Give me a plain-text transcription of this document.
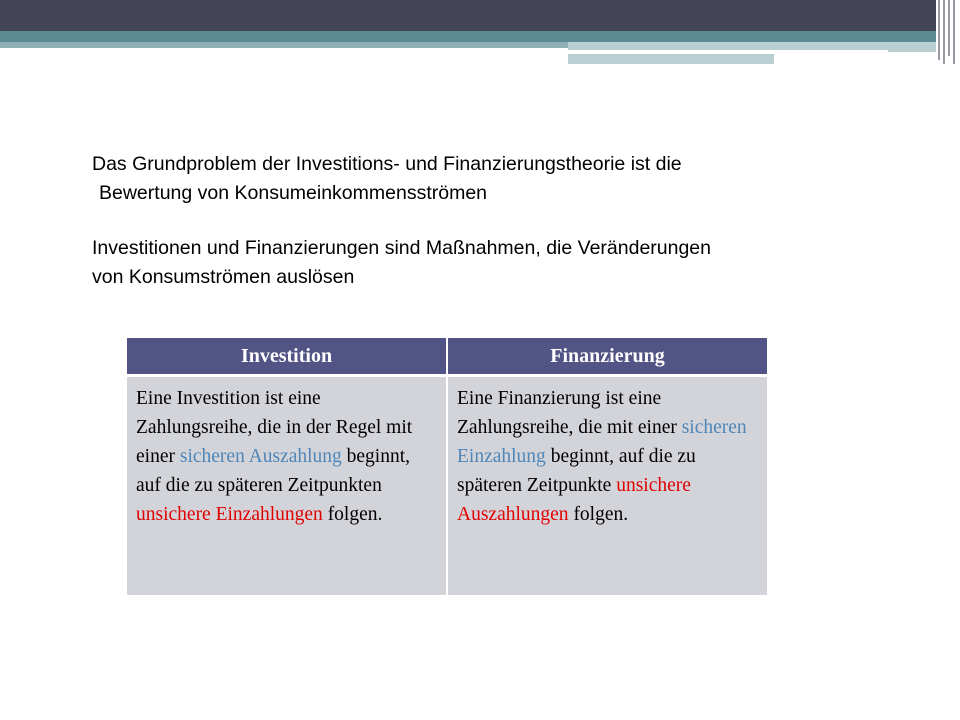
Das Grundproblem der Investitions- und Finanzierungstheorie ist die
Bewertung von Konsumeinkommensströmen
Investitionen und Finanzierungen sind Maßnahmen, die Veränderungen
von Konsumströmen auslösen
Investition	Finanzierung
Eine Investition ist eine Zahlungsreihe, die in der Regel mit einer sicheren Auszahlung beginnt, auf die zu späteren Zeitpunkten unsichere Einzahlungen folgen.	Eine Finanzierung ist eine Zahlungsreihe, die mit einer sicheren Einzahlung beginnt, auf die zu späteren Zeitpunkte unsichere Auszahlungen folgen.
